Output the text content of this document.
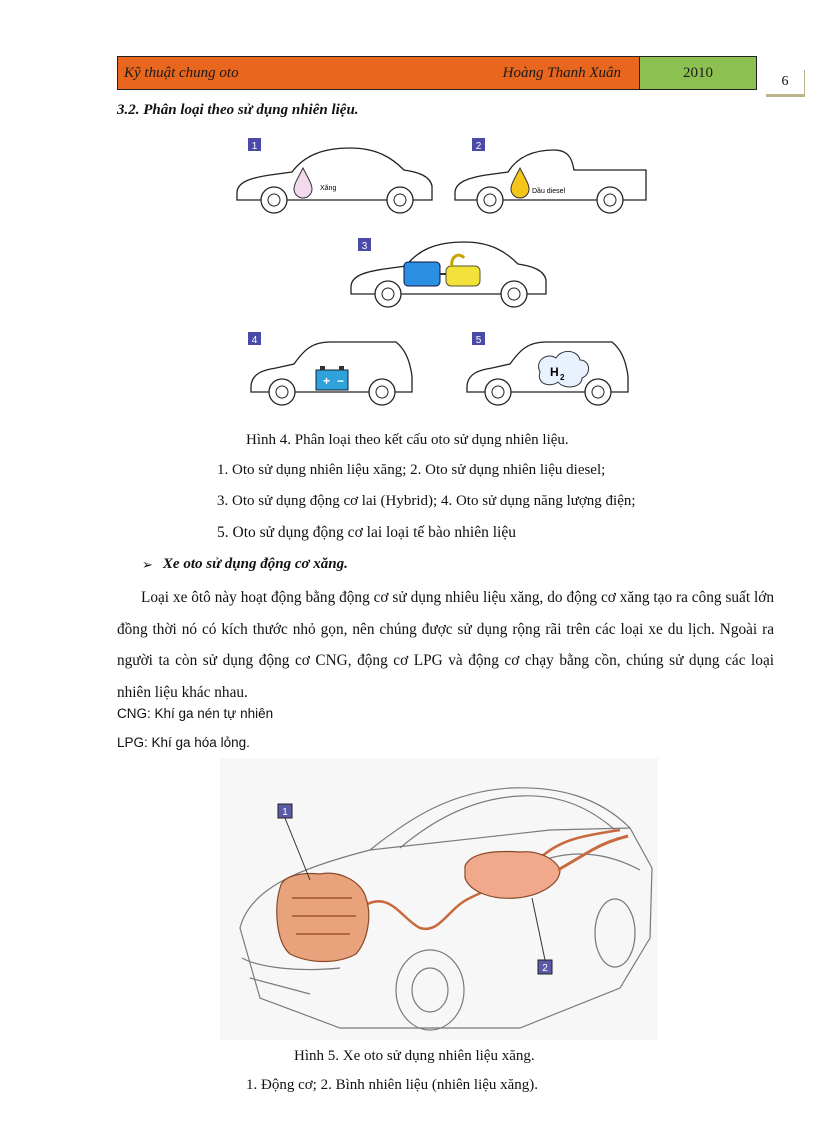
Kỹ thuật chung oto	Hoàng Thanh Xuân	2010
6
3.2. Phân loại theo sử dụng nhiên liệu.
1
Xăng
2
Dầu diesel
3
4
+ −
5
H 2
Hình 4. Phân loại theo kết cấu oto sử dụng nhiên liệu.
1. Oto sử dụng nhiên liệu xăng; 2. Oto sử dụng nhiên liệu diesel;
3. Oto sử dụng động cơ lai (Hybrid); 4. Oto sử dụng năng lượng điện;
5. Oto sử dụng động cơ lai loại tế bào nhiên liệu
➢ Xe oto sử dụng động cơ xăng.
Loại xe ôtô này hoạt động bằng động cơ sử dụng nhiêu liệu xăng, do động cơ xăng tạo ra công suất lớn đồng thời nó có kích thước nhỏ gọn, nên chúng được sử dụng rộng rãi trên các loại xe du lịch. Ngoài ra người ta còn sử dụng động cơ CNG, động cơ LPG và động cơ chạy bằng cồn, chúng sử dụng các loại nhiên liệu khác nhau.
CNG: Khí ga nén tự nhiên
LPG: Khí ga hóa lỏng.
1
2
Hình 5. Xe oto sử dụng nhiên liệu xăng.
1. Động cơ; 2. Bình nhiên liệu (nhiên liệu xăng).
